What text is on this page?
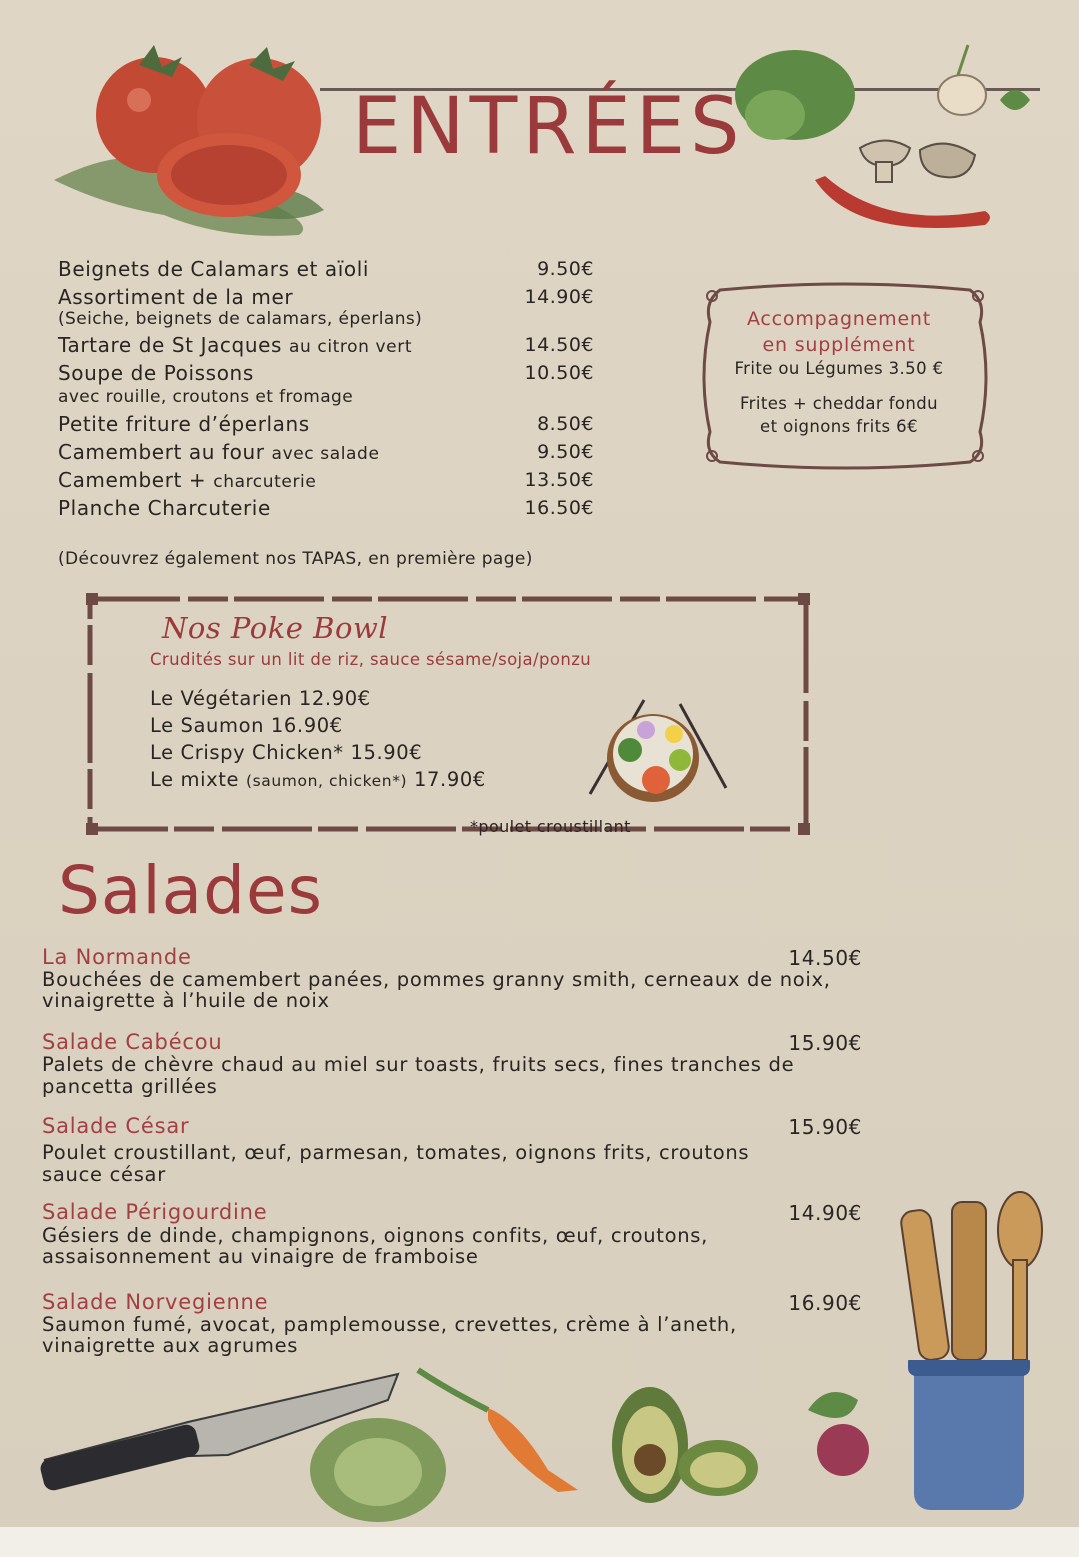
ENTRÉES
Beignets de Calamars et aïoli	9.50€
Assortiment de la mer	14.90€
(Seiche, beignets de calamars, éperlans)
Tartare de St Jacques au citron vert	14.50€
Soupe de Poissons	10.50€
avec rouille, croutons et fromage
Petite friture d’éperlans	8.50€
Camembert au four avec salade	9.50€
Camembert + charcuterie	13.50€
Planche Charcuterie	16.50€
(Découvrez également nos TAPAS, en première page)
Accompagnement
en supplément
Frite ou Légumes 3.50 €
Frites + cheddar fondu
et oignons frits 6€
Nos Poke Bowl
Crudités sur un lit de riz, sauce sésame/soja/ponzu
Le Végétarien 12.90€
Le Saumon 16.90€
Le Crispy Chicken* 15.90€
Le mixte (saumon, chicken*) 17.90€
*poulet croustillant
Salades
La Normande	14.50€
Bouchées de camembert panées, pommes granny smith, cerneaux de noix,
vinaigrette à l’huile de noix
Salade Cabécou	15.90€
Palets de chèvre chaud au miel sur toasts, fruits secs, fines tranches de
pancetta grillées
Salade César	15.90€
Poulet croustillant, œuf, parmesan, tomates, oignons frits, croutons
sauce césar
Salade Périgourdine	14.90€
Gésiers de dinde, champignons, oignons confits, œuf, croutons,
assaisonnement au vinaigre de framboise
Salade Norvegienne	16.90€
Saumon fumé, avocat, pamplemousse, crevettes, crème à l’aneth,
vinaigrette aux agrumes
